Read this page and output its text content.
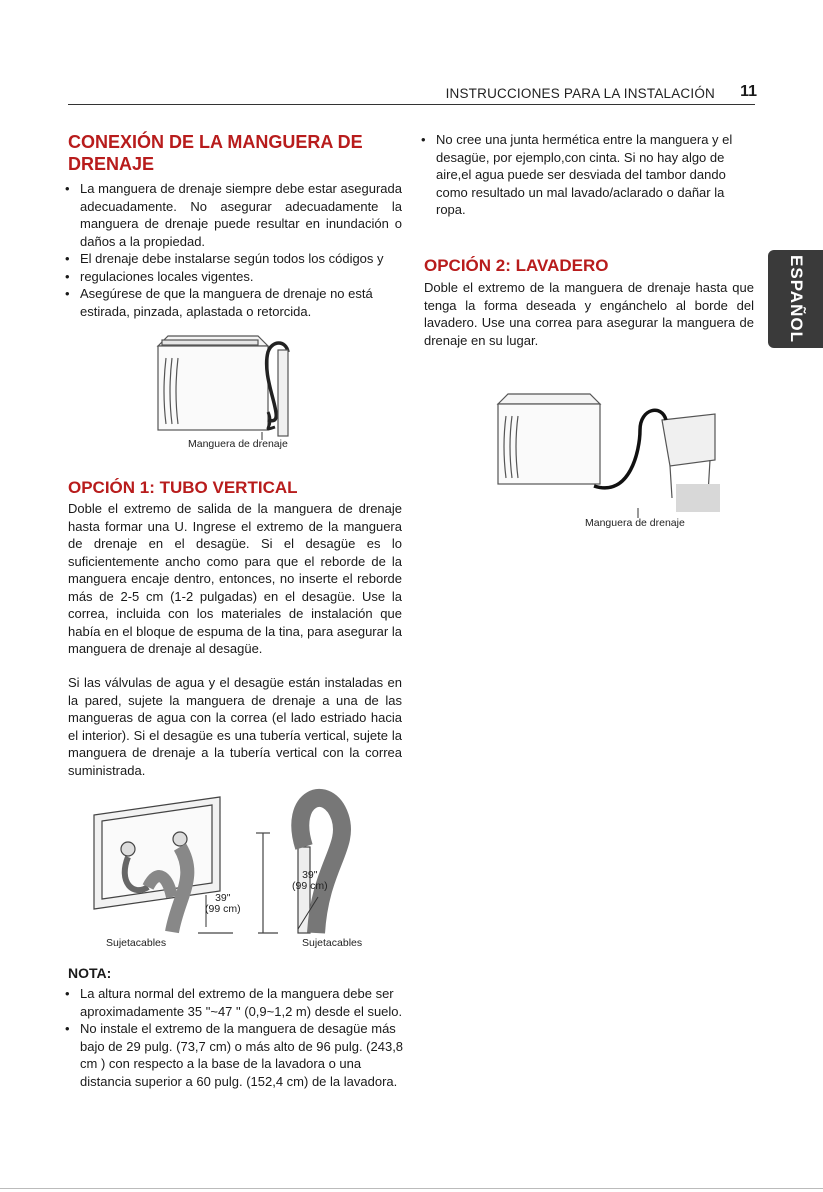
INSTRUCCIONES PARA LA INSTALACIÓN 11
ESPAÑOL
CONEXIÓN DE LA MANGUERA DE
DRENAJE
• La manguera de drenaje siempre debe estar asegurada adecuadamente. No asegurar adecuadamente la manguera de drenaje puede resultar en inundación o daños a la propiedad.
• El drenaje debe instalarse según todos los códigos y
• regulaciones locales vigentes.
• Asegúrese de que la manguera de drenaje no está estirada, pinzada, aplastada o retorcida.
Manguera de drenaje
OPCIÓN 1: TUBO VERTICAL

Doble el extremo de salida de la manguera de drenaje hasta formar una U. Ingrese el extremo de la manguera de drenaje en el desagüe. Si el desagüe es lo suficientemente ancho como para que el reborde de la manguera encaje dentro, entonces, no inserte el reborde más de 2-5 cm (1-2 pulgadas) en el desagüe. Use la correa, incluida con los materiales de instalación que había en el bloque de espuma de la tina, para asegurar la manguera de drenaje al desagüe.

Si las válvulas de agua y el desagüe están instaladas en la pared, sujete la manguera de drenaje a una de las mangueras de agua con la correa (el lado estriado hacia el interior). Si el desagüe es una tubería vertical, sujete la manguera de drenaje a la tubería vertical con la correa suministrada.

39"
(99 cm)
39"
(99 cm)
Sujetacables	Sujetacables
NOTA:
• La altura normal del extremo de la manguera debe ser aproximadamente 35 "~47 " (0,9~1,2 m) desde el suelo.
• No instale el extremo de la manguera de desagüe más bajo de 29 pulg. (73,7 cm) o más alto de 96 pulg. (243,8 cm ) con respecto a la base de la lavadora o una distancia superior a 60 pulg. (152,4 cm) de la lavadora.
• No cree una junta hermética entre la manguera y el desagüe, por ejemplo,con cinta. Si no hay algo de aire,el agua puede ser desviada del tambor dando como resultado un mal lavado/aclarado o dañar la ropa.
OPCIÓN 2: LAVADERO

Doble el extremo de la manguera de drenaje hasta que tenga la forma deseada y engánchelo al borde del lavadero. Use una correa para asegurar la manguera de drenaje en su lugar.

Manguera de drenaje
